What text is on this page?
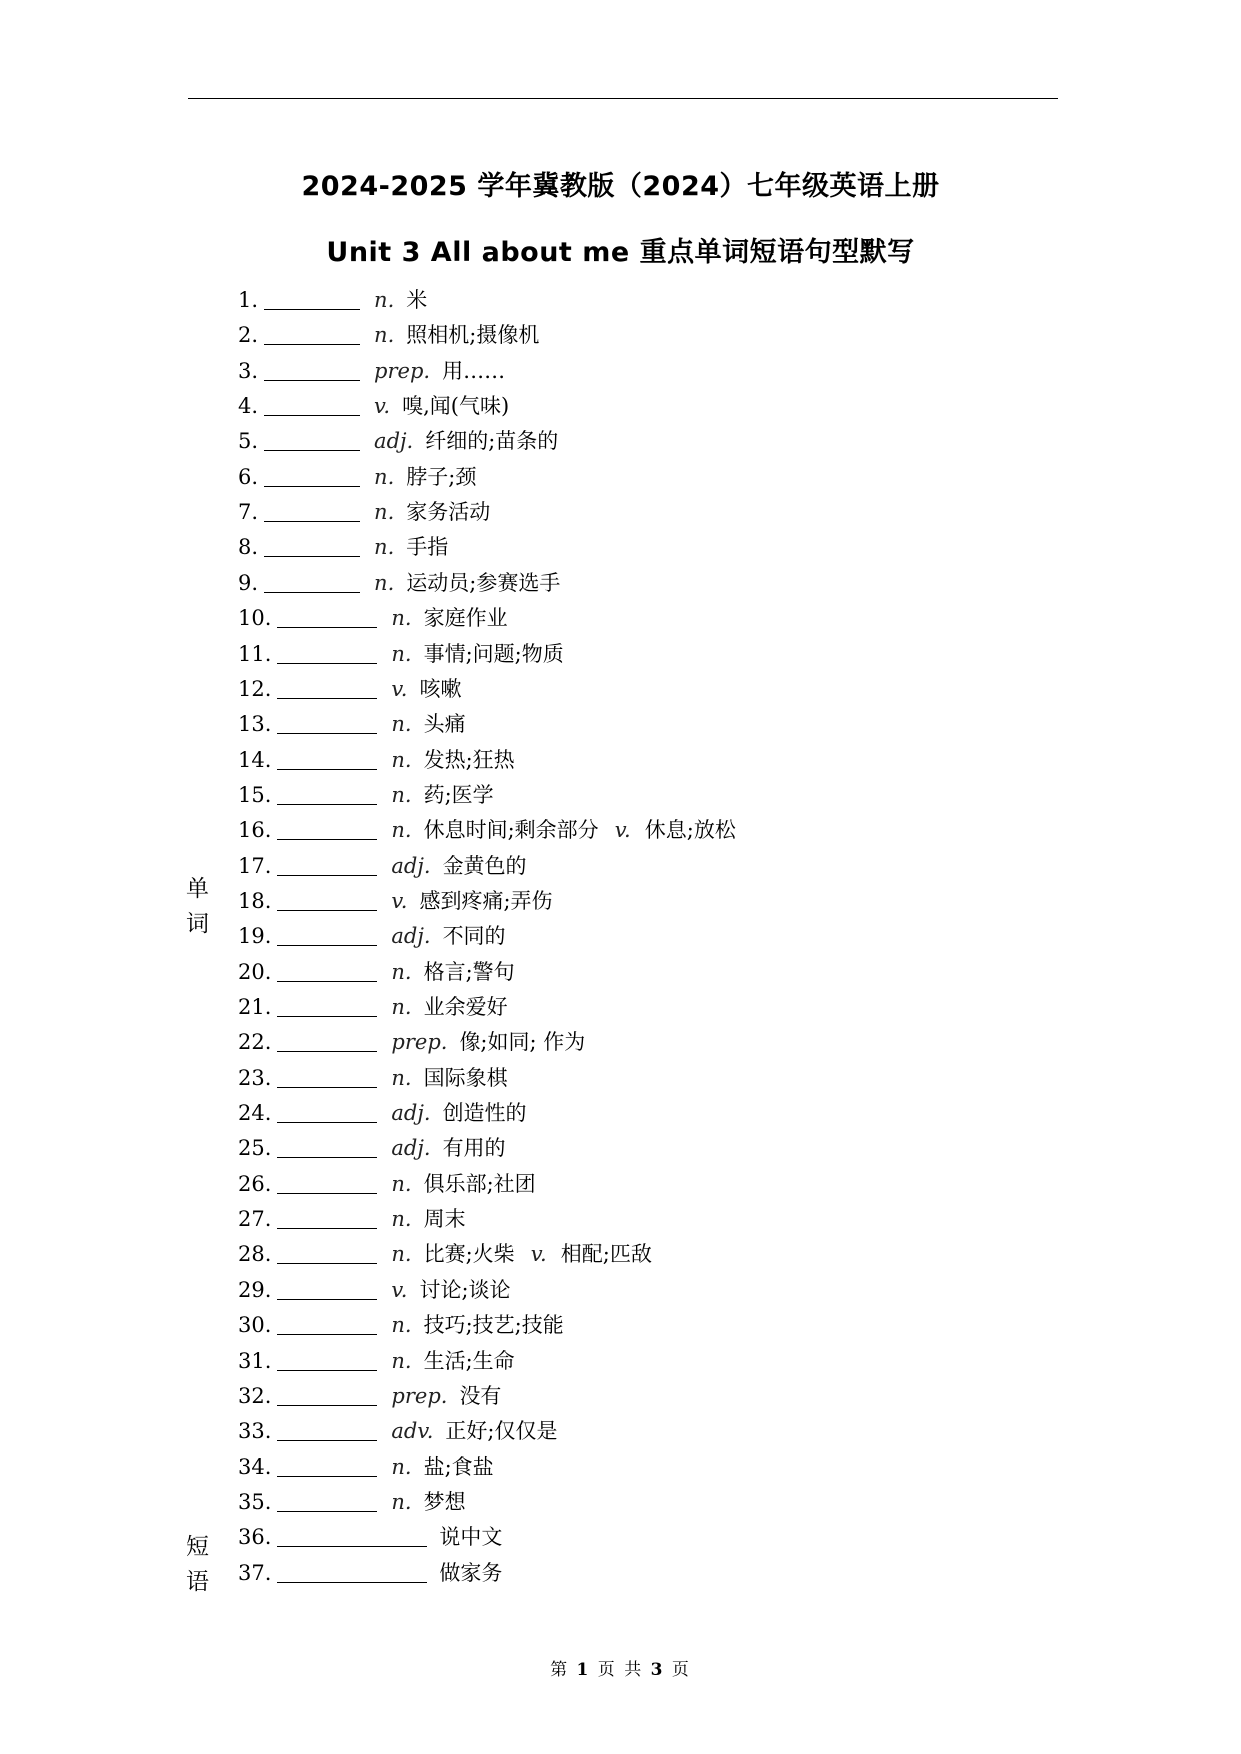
2024-2025 学年冀教版（2024）七年级英语上册
Unit 3 All about me 重点单词短语句型默写
单
词
短
语
1.	n. 米
2.	n. 照相机;摄像机
3.	prep. 用……
4.	v. 嗅,闻(气味)
5.	adj. 纤细的;苗条的
6.	n. 脖子;颈
7.	n. 家务活动
8.	n. 手指
9.	n. 运动员;参赛选手
10.	n. 家庭作业
11.	n. 事情;问题;物质
12.	v. 咳嗽
13.	n. 头痛
14.	n. 发热;狂热
15.	n. 药;医学
16.	n. 休息时间;剩余部分 v. 休息;放松
17.	adj. 金黄色的
18.	v. 感到疼痛;弄伤
19.	adj. 不同的
20.	n. 格言;警句
21.	n. 业余爱好
22.	prep. 像;如同; 作为
23.	n. 国际象棋
24.	adj. 创造性的
25.	adj. 有用的
26.	n. 俱乐部;社团
27.	n. 周末
28.	n. 比赛;火柴 v. 相配;匹敌
29.	v. 讨论;谈论
30.	n. 技巧;技艺;技能
31.	n. 生活;生命
32.	prep. 没有
33.	adv. 正好;仅仅是
34.	n. 盐;食盐
35.	n. 梦想
36.	说中文
37.	做家务
第 1 页 共 3 页
